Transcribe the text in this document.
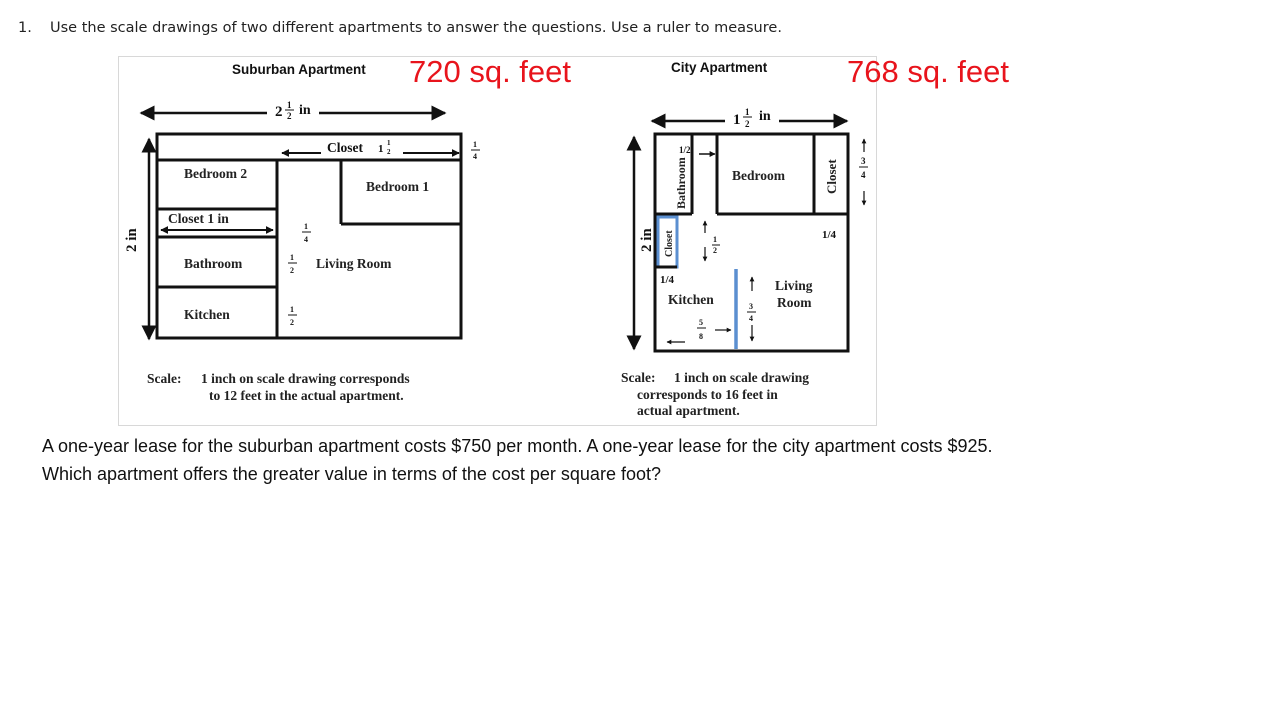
1. Use the scale drawings of two different apartments to answer the questions. Use a ruler to measure.
Suburban Apartment
2 1
2 in
2 in
Closet 1 1
2
1
4
Bedroom 2
Bedroom 1
Closet 1 in
1
4
Bathroom	1
2 Living Room
Kitchen	1
2
Scale: 1 inch on scale drawing corresponds
to 12 feet in the actual apartment.
City Apartment
1 1
2 in
2 in
Bathroom
1/2
Bedroom	Closet 3
4
1/4
Closet	1
2
1/4
Kitchen
Living
Room
3
4
5
8
Scale: 1 inch on scale drawing
corresponds to 16 feet in
actual apartment.
720 sq. feet	768 sq. feet
A one-year lease for the suburban apartment costs $750 per month. A one-year lease for the city apartment costs $925.
Which apartment offers the greater value in terms of the cost per square foot?
